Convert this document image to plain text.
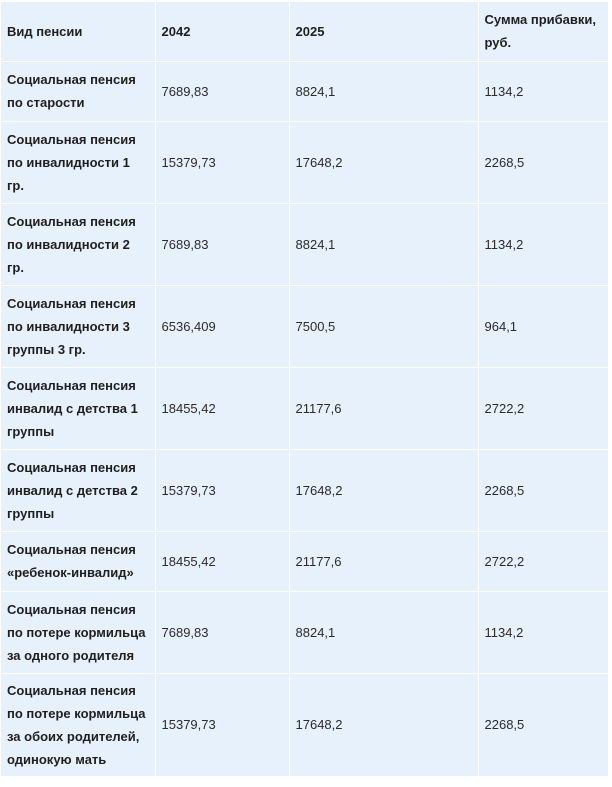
Вид пенсии	2042	2025	Сумма прибавки, руб.
Социальная пенсия по старости	7689,83	8824,1	1134,2
Социальная пенсия по инвалидности 1 гр.	15379,73	17648,2	2268,5
Социальная пенсия по инвалидности 2 гр.	7689,83	8824,1	1134,2
Социальная пенсия по инвалидности 3 группы 3 гр.	6536,409	7500,5	964,1
Социальная пенсия инвалид с детства 1 группы	18455,42	21177,6	2722,2
Социальная пенсия инвалид с детства 2 группы	15379,73	17648,2	2268,5
Социальная пенсия «ребенок-инвалид»	18455,42	21177,6	2722,2
Социальная пенсия по потере кормильца за одного родителя	7689,83	8824,1	1134,2
Социальная пенсия по потере кормильца за обоих родителей, одинокую мать	15379,73	17648,2	2268,5
